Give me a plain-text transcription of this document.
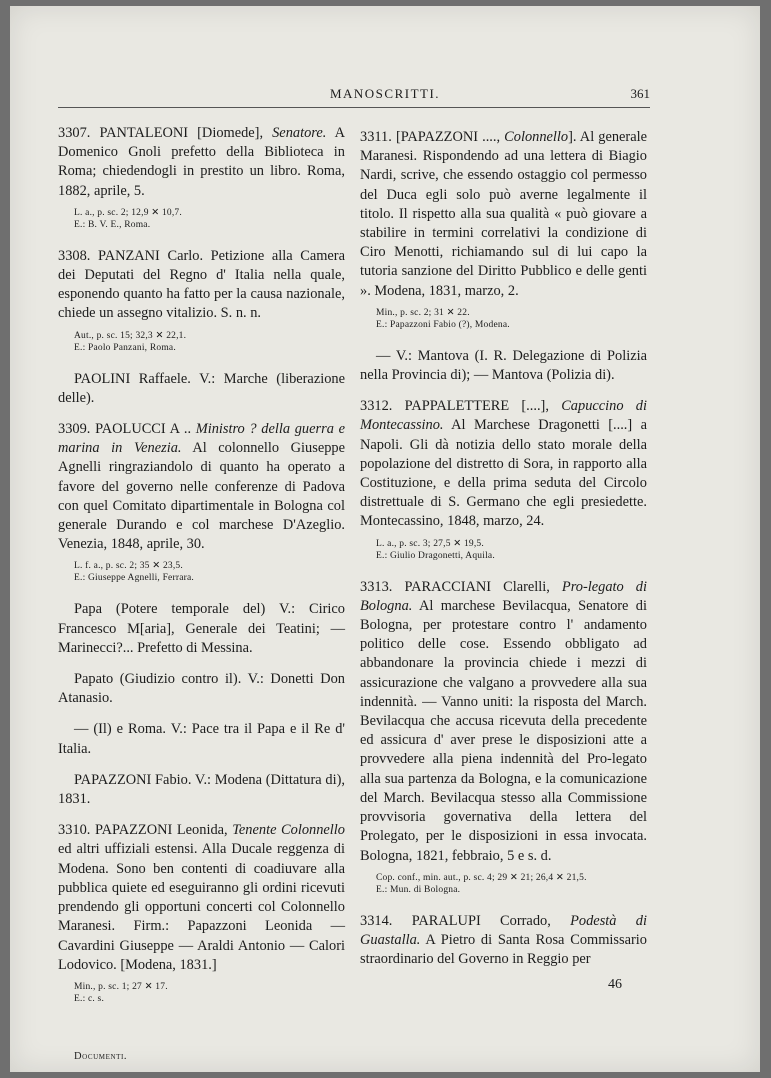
MANOSCRITTI.	361

3307. PANTALEONI [Diomede], Senatore. A Domenico Gnoli prefetto della Biblioteca in Roma; chiedendogli in prestito un libro. Roma, 1882, aprile, 5.

L. a., p. sc. 2; 12,9 ✕ 10,7.
E.: B. V. E., Roma.

3308. PANZANI Carlo. Petizione alla Camera dei Deputati del Regno d' Italia nella quale, esponendo quanto ha fatto per la causa nazionale, chiede un assegno vitalizio. S. n. n.

Aut., p. sc. 15; 32,3 ✕ 22,1.
E.: Paolo Panzani, Roma.

PAOLINI Raffaele. V.: Marche (liberazione delle).

3309. PAOLUCCI A .. Ministro ? della guerra e marina in Venezia. Al colonnello Giuseppe Agnelli ringraziandolo di quanto ha operato a favore del governo nelle conferenze di Padova con quel Comitato dipartimentale in Bologna col generale Durando e col marchese D'Azeglio. Venezia, 1848, aprile, 30.

L. f. a., p. sc. 2; 35 ✕ 23,5.
E.: Giuseppe Agnelli, Ferrara.

Papa (Potere temporale del) V.: Cirico Francesco M[aria], Generale dei Teatini; — Marinecci?... Prefetto di Messina.

Papato (Giudizio contro il). V.: Donetti Don Atanasio.

— (Il) e Roma. V.: Pace tra il Papa e il Re d' Italia.

PAPAZZONI Fabio. V.: Modena (Dittatura di), 1831.

3310. PAPAZZONI Leonida, Tenente Colonnello ed altri uffiziali estensi. Alla Ducale reggenza di Modena. Sono ben contenti di coadiuvare alla pubblica quiete ed eseguiranno gli ordini ricevuti prendendo gli opportuni concerti col Colonnello Maranesi. Firm.: Papazzoni Leonida — Cavardini Giuseppe — Araldi Antonio — Calori Lodovico. [Modena, 1831.]

Min., p. sc. 1; 27 ✕ 17.
E.: c. s.
Documenti.

3311. [PAPAZZONI ...., Colonnello]. Al generale Maranesi. Rispondendo ad una lettera di Biagio Nardi, scrive, che essendo ostaggio col permesso del Duca egli solo può averne legalmente il titolo. Il rispetto alla sua qualità « può giovare a stabilire in termini correlativi la condizione di Ciro Menotti, richiamando sul di lui capo la tutoria sanzione del Diritto Pubblico e delle genti ». Modena, 1831, marzo, 2.

Min., p. sc. 2; 31 ✕ 22.
E.: Papazzoni Fabio (?), Modena.

— V.: Mantova (I. R. Delegazione di Polizia nella Provincia di); — Mantova (Polizia di).

3312. PAPPALETTERE [....], Capuccino di Montecassino. Al Marchese Dragonetti [....] a Napoli. Gli dà notizia dello stato morale della popolazione del distretto di Sora, in rapporto alla Costituzione, e della prima seduta del Circolo distrettuale di S. Germano che egli presiedette. Montecassino, 1848, marzo, 24.

L. a., p. sc. 3; 27,5 ✕ 19,5.
E.: Giulio Dragonetti, Aquila.

3313. PARACCIANI Clarelli, Pro-legato di Bologna. Al marchese Bevilacqua, Senatore di Bologna, per protestare contro l' andamento politico delle cose. Essendo obbligato ad abbandonare la provincia chiede i mezzi di assicurazione che valgano a provvedere alla sua indennità. — Vanno uniti: la risposta del March. Bevilacqua che accusa ricevuta della precedente ed assicura d' aver prese le disposizioni atte a provvedere alla piena indennità del Pro-legato alla sua partenza da Bologna, e la comunicazione del March. Bevilacqua stesso alla Commissione provvisoria governativa della lettera del Prolegato, per le disposizioni in essa invocata. Bologna, 1821, febbraio, 5 e s. d.

Cop. conf., min. aut., p. sc. 4; 29 ✕ 21; 26,4 ✕ 21,5.
E.: Mun. di Bologna.

3314. PARALUPI Corrado, Podestà di Guastalla. A Pietro di Santa Rosa Commissario straordinario del Governo in Reggio per

46
